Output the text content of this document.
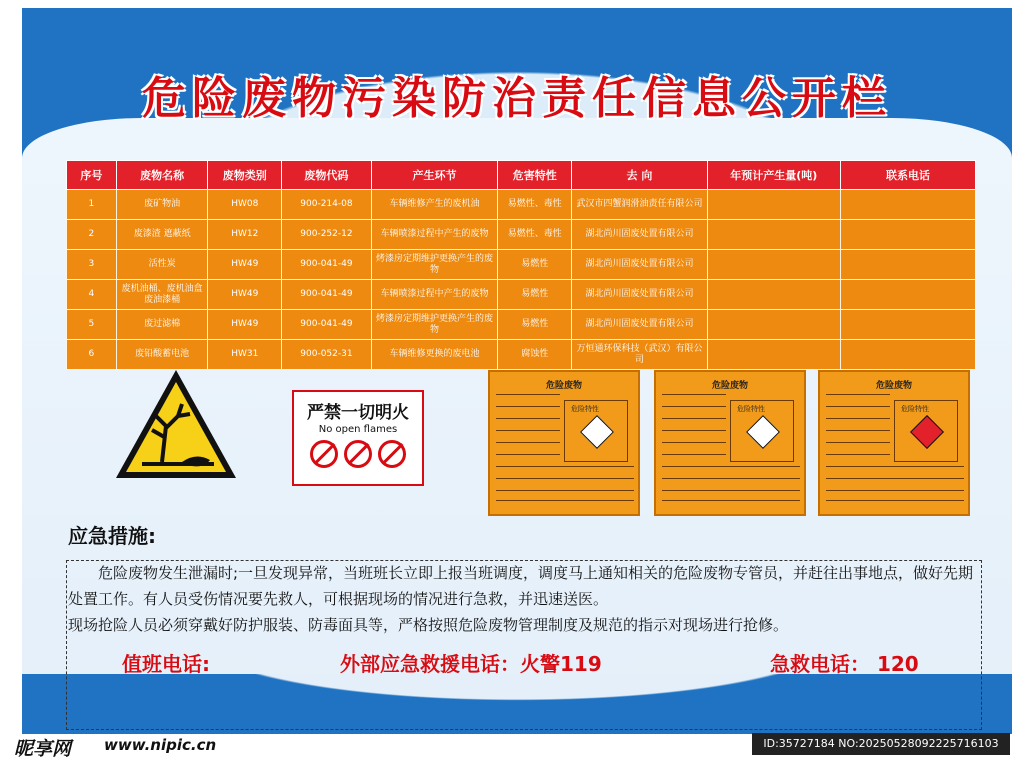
危险废物污染防治责任信息公开栏
序号	废物名称	废物类别	废物代码	产生环节	危害特性	去 向	年预计产生量(吨)	联系电话
1	废矿物油	HW08	900-214-08	车辆维修产生的废机油	易燃性、毒性	武汉市四蟹润滑油责任有限公司		
2	废漆渣 遮蔽纸	HW12	900-252-12	车辆喷漆过程中产生的废物	易燃性、毒性	湖北尚川固废处置有限公司		
3	活性炭	HW49	900-041-49	烤漆房定期维护更换产生的废物	易燃性	湖北尚川固废处置有限公司		
4	废机油桶、废机油盒 废油漆桶	HW49	900-041-49	车辆喷漆过程中产生的废物	易燃性	湖北尚川固废处置有限公司		
5	废过滤棉	HW49	900-041-49	烤漆房定期维护更换产生的废物	易燃性	湖北尚川固废处置有限公司		
6	废铅酸蓄电池	HW31	900-052-31	车辆维修更换的废电池	腐蚀性	万恒通环保科技（武汉）有限公司		
严禁一切明火
No open flames
危险废物
危险特性
危险废物
危险特性
危险废物
危险特性
应急措施:
危险废物发生泄漏时;一旦发现异常，当班班长立即上报当班调度，调度马上通知相关的危险废物专管员，并赶往出事地点，做好先期处置工作。有人员受伤情况要先救人，可根据现场的情况进行急救，并迅速送医。
现场抢险人员必须穿戴好防护服装、防毒面具等，严格按照危险废物管理制度及规范的指示对现场进行抢修。
值班电话:	外部应急救援电话：火警119	急救电话： 120
昵享网 www.nipic.cn	ID:35727184 NO:20250528092225716103
